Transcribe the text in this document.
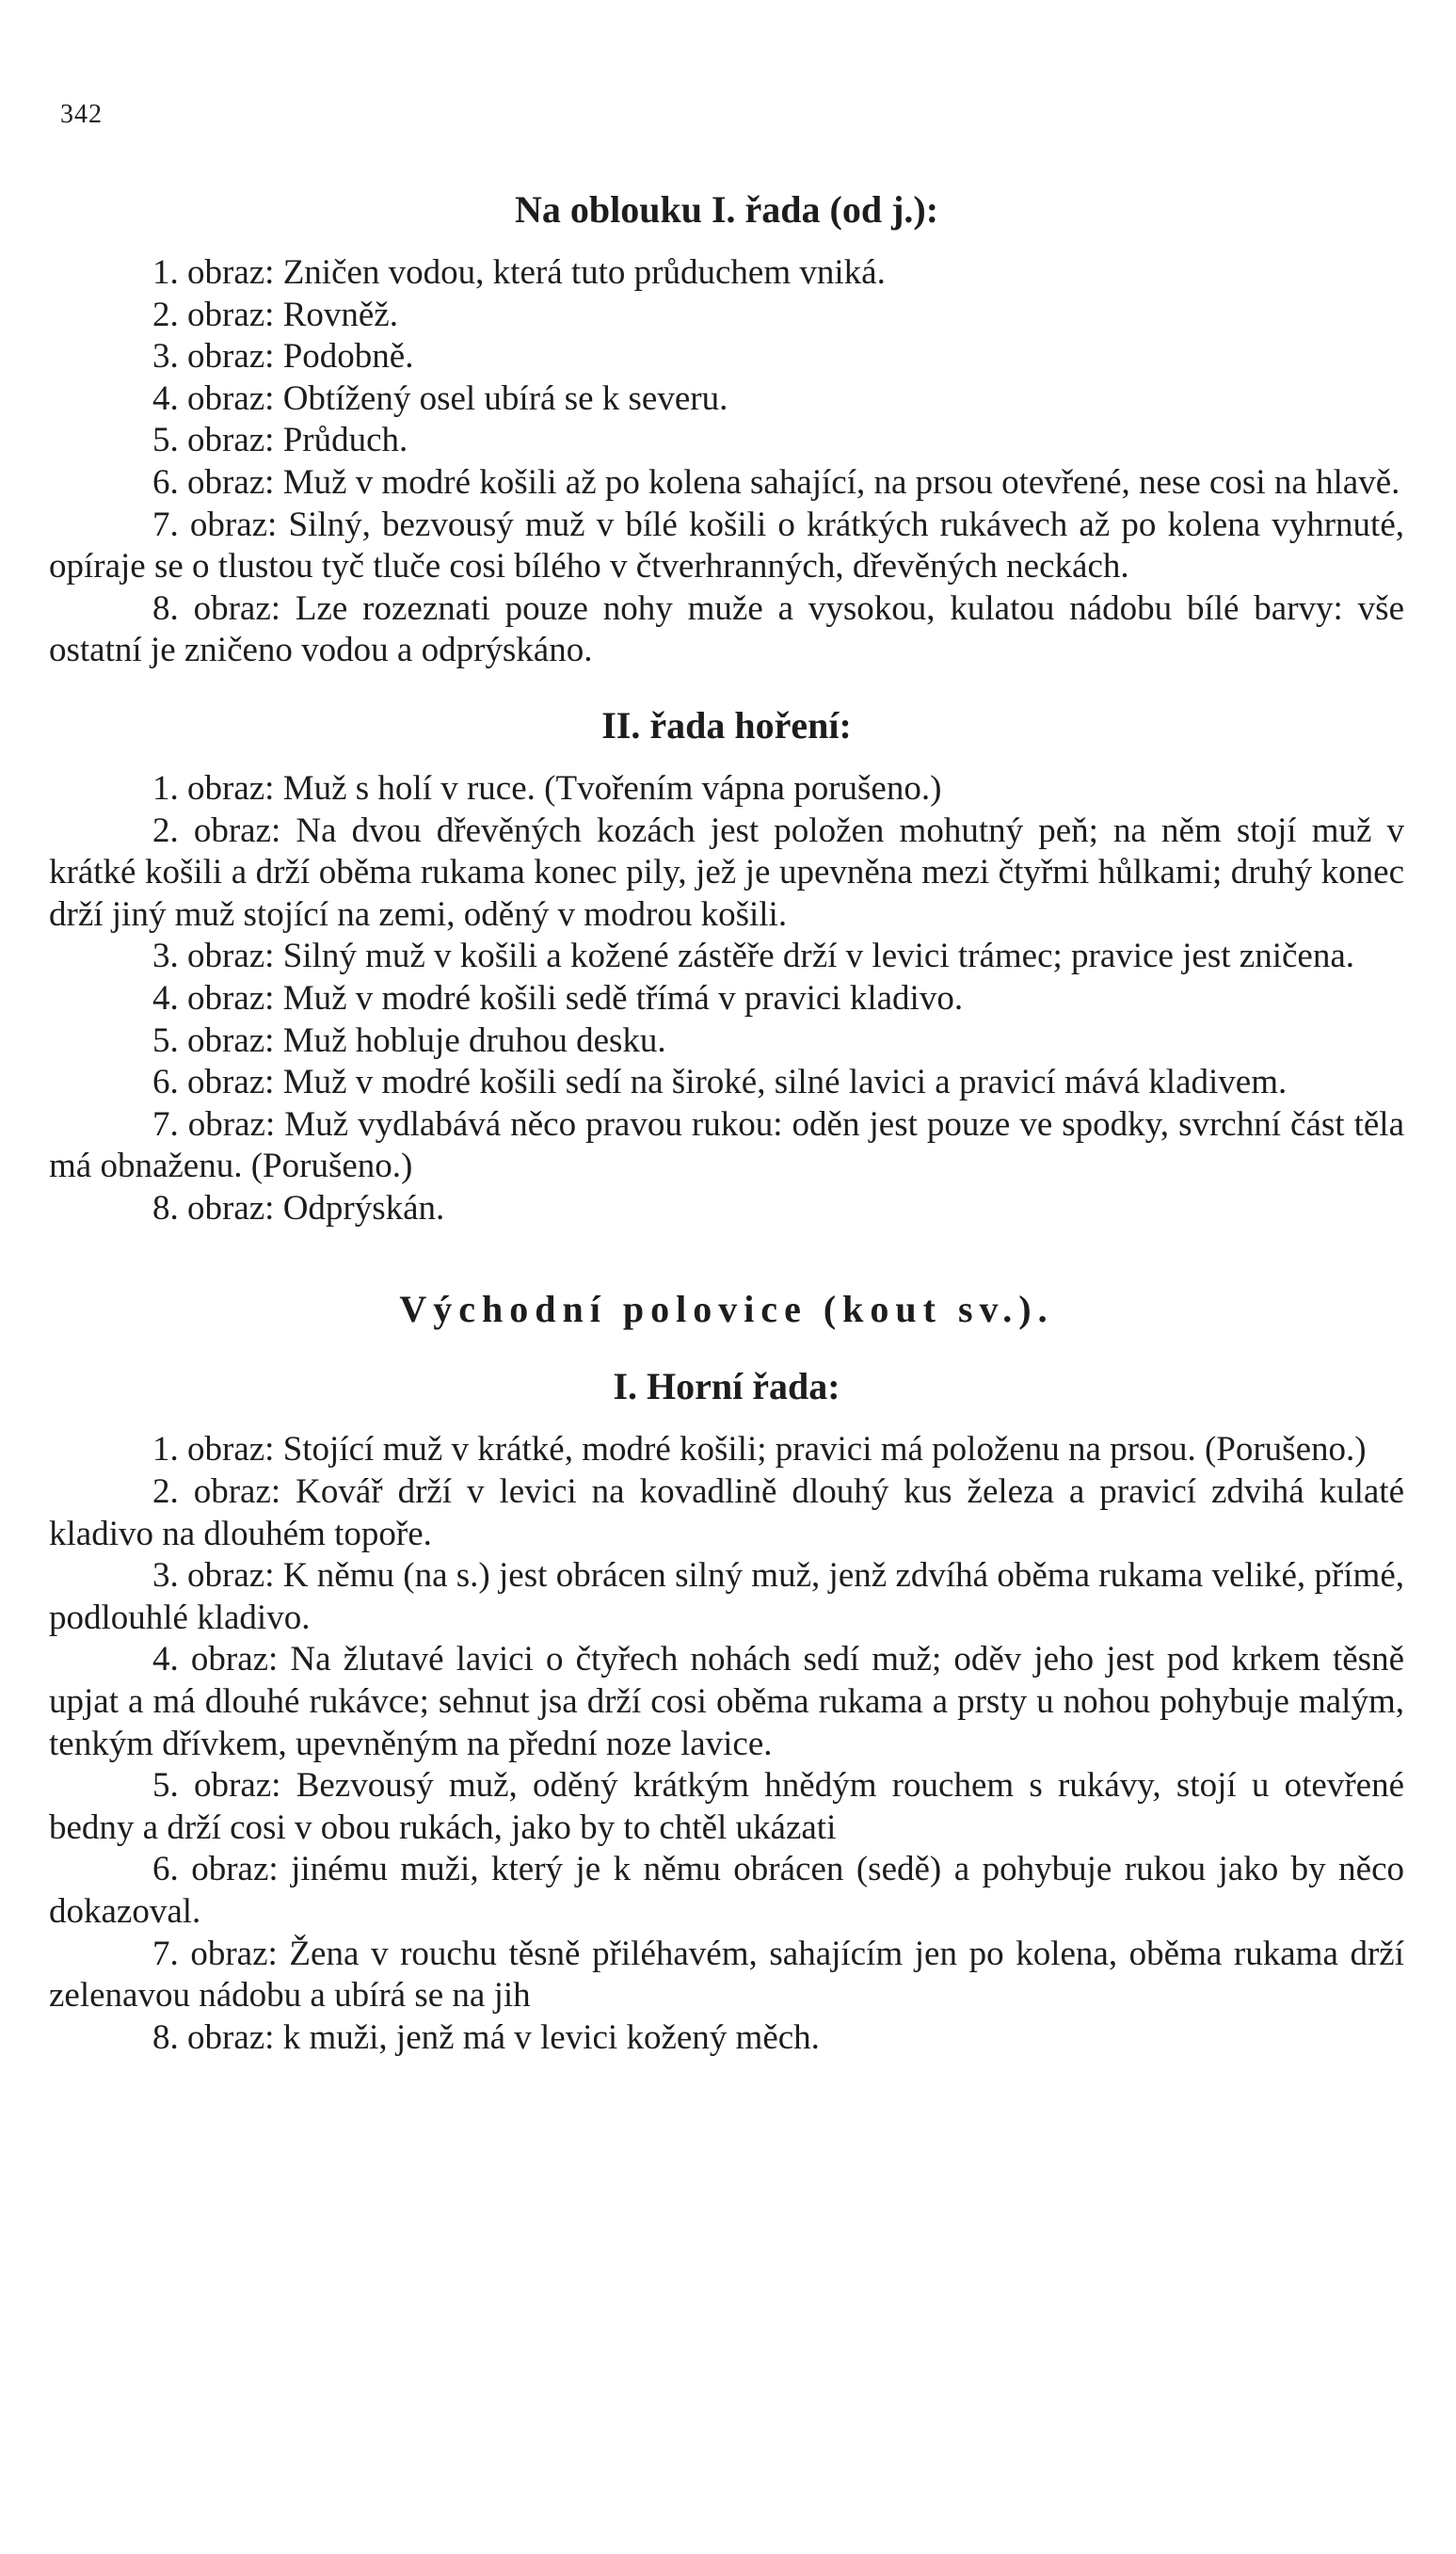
342
Na oblouku I. řada (od j.):

1. obraz: Zničen vodou, která tuto průduchem vniká.

2. obraz: Rovněž.

3. obraz: Podobně.

4. obraz: Obtížený osel ubírá se k severu.

5. obraz: Průduch.

6. obraz: Muž v modré košili až po kolena sahající, na prsou otevřené, nese cosi na hlavě.

7. obraz: Silný, bezvousý muž v bílé košili o krátkých rukávech až po kolena vyhrnuté, opíraje se o tlustou tyč tluče cosi bílého v čtverhranných, dřevěných neckách.

8. obraz: Lze rozeznati pouze nohy muže a vysokou, kulatou nádobu bílé barvy: vše ostatní je zničeno vodou a odprýskáno.

II. řada hoření:

1. obraz: Muž s holí v ruce. (Tvořením vápna porušeno.)

2. obraz: Na dvou dřevěných kozách jest položen mohutný peň; na něm stojí muž v krátké košili a drží oběma rukama konec pily, jež je upevněna mezi čtyřmi hůlkami; druhý konec drží jiný muž stojící na zemi, oděný v modrou košili.

3. obraz: Silný muž v košili a kožené zástěře drží v levici trámec; pravice jest zničena.

4. obraz: Muž v modré košili sedě třímá v pravici kladivo.

5. obraz: Muž hobluje druhou desku.

6. obraz: Muž v modré košili sedí na široké, silné lavici a pravicí mává kladivem.

7. obraz: Muž vydlabává něco pravou rukou: oděn jest pouze ve spodky, svrchní část těla má obnaženu. (Porušeno.)

8. obraz: Odprýskán.

Východní polovice (kout sv.).
I. Horní řada:

1. obraz: Stojící muž v krátké, modré košili; pravici má položenu na prsou. (Porušeno.)

2. obraz: Kovář drží v levici na kovadlině dlouhý kus železa a pravicí zdvihá kulaté kladivo na dlouhém topoře.

3. obraz: K němu (na s.) jest obrácen silný muž, jenž zdvíhá oběma rukama veliké, přímé, podlouhlé kladivo.

4. obraz: Na žlutavé lavici o čtyřech nohách sedí muž; oděv jeho jest pod krkem těsně upjat a má dlouhé rukávce; sehnut jsa drží cosi oběma rukama a prsty u nohou pohybuje malým, tenkým dřívkem, upevněným na přední noze lavice.

5. obraz: Bezvousý muž, oděný krátkým hnědým rouchem s rukávy, stojí u otevřené bedny a drží cosi v obou rukách, jako by to chtěl ukázati

6. obraz: jinému muži, který je k němu obrácen (sedě) a pohybuje rukou jako by něco dokazoval.

7. obraz: Žena v rouchu těsně přiléhavém, sahajícím jen po kolena, oběma rukama drží zelenavou nádobu a ubírá se na jih

8. obraz: k muži, jenž má v levici kožený měch.
